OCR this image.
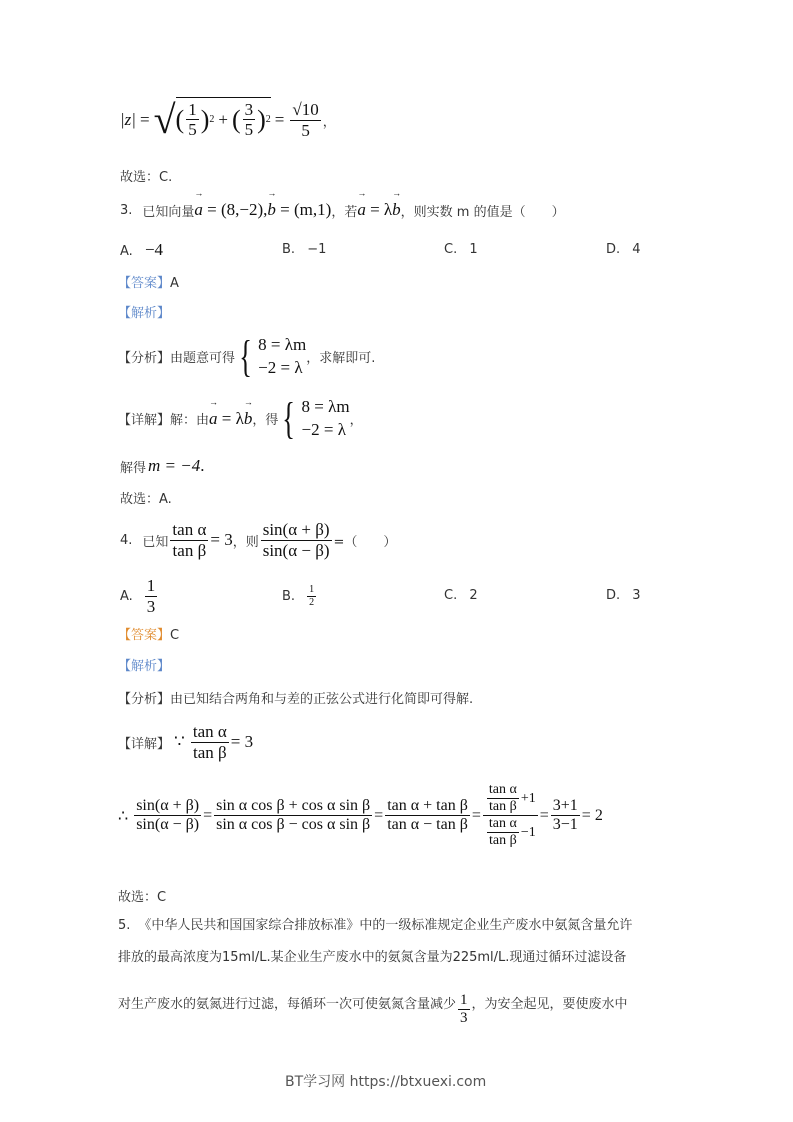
|z| = √ ( $\frac{1}{5}$ ) 2 + ( $\frac{3}{5}$ ) $2 = \frac{√10}{5}$ ，
故选：C.
3. 已知向量 → a = (8,−2),→ b = (m,1) ，若 → a = λ→ b ，则实数 m 的值是（　　）
A. −4	B. −1	C. 1	D. 4
【答案】A
【解析】
【分析】 由题意可得 { 8 = λm
−2 = λ ，求解即可.
【详解】 解：由 → a = λ→ b ，得 { 8 = λm
−2 = λ ，
解得 m = −4 .
故选：A.
4. 已知 $\frac{\text{tan α}}{\text{tan β}} = 3$ ，则 $\frac{\sin(\alpha + \beta)}{\sin(\alpha - \beta)}$ =（　　）
A. $\frac{1}{3}$	B. $\frac{1}{2}$	C. 2	D. 3
【答案】C
【解析】
【分析】由已知结合两角和与差的正弦公式进行化简即可得解.
【详解】 ∵ $\frac{\text{tan α}}{\text{tan β}} = 3$
∴ $\frac{\sin(\alpha + \beta)}{\sin(\alpha - \beta)} = \frac{\text{sin α cos β + cos α sin β}}{\text{sin α cos β − cos α sin β}} = \frac{\text{tan α + tan β}}{\text{tan α − tan β}} = \frac{\frac{\text{tan α}}{\text{tan β}} +1}{\frac{\text{tan α}}{\text{tan β}} -1} = \frac{3+1}{3-1} = 2$
故选：C
5. 《中华人民共和国国家综合排放标准》中的一级标准规定企业生产废水中氨氮含量允许
排放的最高浓度为15ml/L.某企业生产废水中的氨氮含量为225ml/L.现通过循环过滤设备
对生产废水的氨氮进行过滤，每循环一次可使氨氮含量减少 $\frac{1}{3}$ ，为安全起见，要使废水中
BT学习网 https://btxuexi.com
